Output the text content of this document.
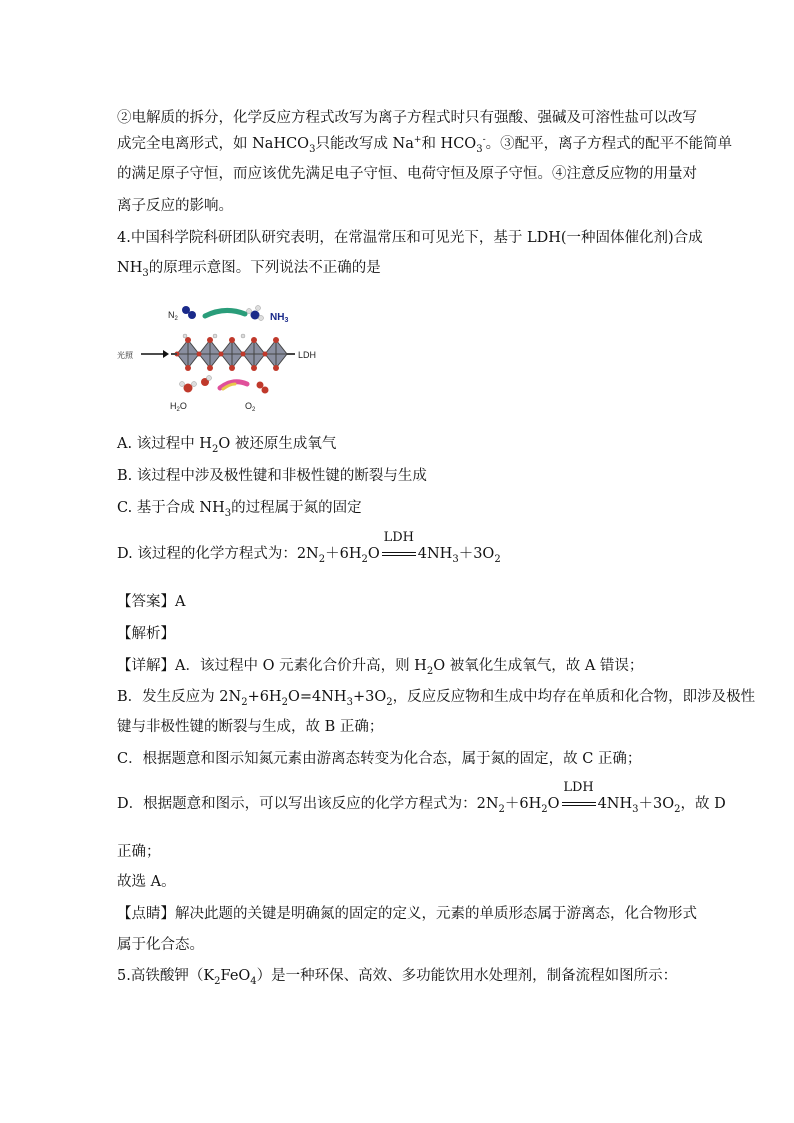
②电解质的拆分，化学反应方程式改写为离子方程式时只有强酸、强碱及可溶性盐可以改写
成完全电离形式，如 NaHCO$_3$只能改写成 Na+和 $HCO_3^-$。③配平，离子方程式的配平不能简单
的满足原子守恒，而应该优先满足电子守恒、电荷守恒及原子守恒。④注意反应物的用量对
离子反应的影响。
4.中国科学院科研团队研究表明，在常温常压和可见光下，基于 LDH(一种固体催化剂)合成
$NH_3$的原理示意图。下列说法不正确的是
$N_2$	$NH_3$
光照	LDH
$H_2O$	$O_2$
A. 该过程中 $H_2O$ 被还原生成氧气
B. 该过程中涉及极性键和非极性键的断裂与生成
C. 基于合成 $NH_3$的过程属于氮的固定
D. 该过程的化学方程式为：$2N_2+6H_2O$
LDH
$4NH_3+3O_2$
【答案】A
【解析】
【详解】A．该过程中 O 元素化合价升高，则 $H_2O$ 被氧化生成氧气，故 A 错误；
B．发生反应为 $2N_2+6H_2O=4NH_3+3O_2$，反应反应物和生成中均存在单质和化合物，即涉及极性
键与非极性键的断裂与生成，故 B 正确；
C．根据题意和图示知氮元素由游离态转变为化合态，属于氮的固定，故 C 正确；
D．根据题意和图示，可以写出该反应的化学方程式为：$2N_2+6H_2O$
LDH
$4NH_3+3O_2$，故 D
正确；
故选 A。
【点睛】解决此题的关键是明确氮的固定的定义，元素的单质形态属于游离态，化合物形式
属于化合态。
5.高铁酸钾$(K_2FeO_4)$是一种环保、高效、多功能饮用水处理剂，制备流程如图所示：
